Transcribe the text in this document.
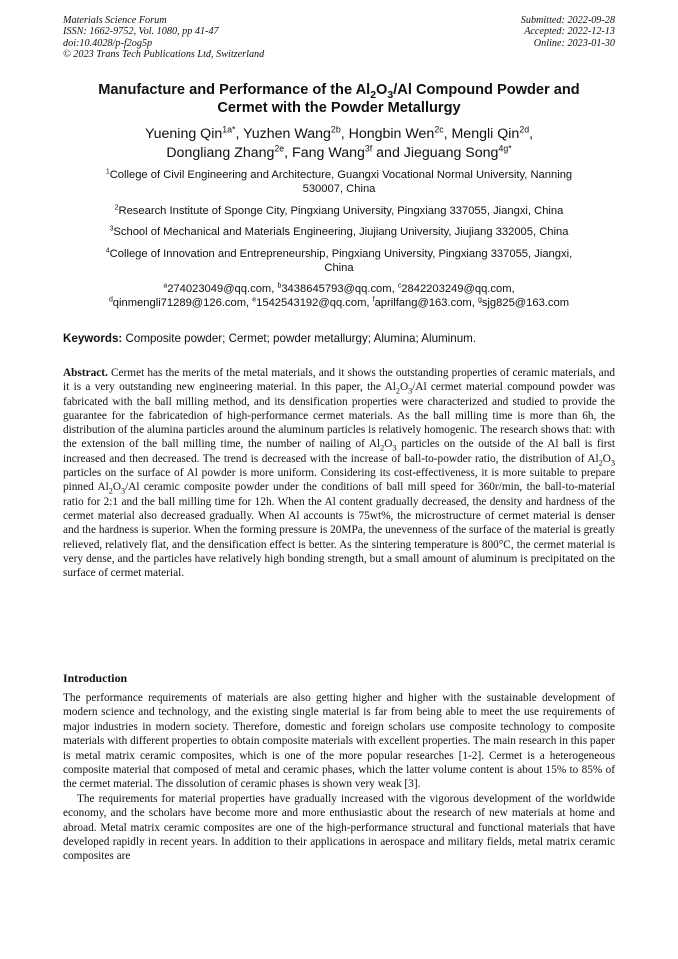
Materials Science Forum
ISSN: 1662-9752, Vol. 1080, pp 41-47
doi:10.4028/p-f2og5p
© 2023 Trans Tech Publications Ltd, Switzerland
Submitted: 2022-09-28
Accepted: 2022-12-13
Online: 2023-01-30
Manufacture and Performance of the $Al_2O_3/Al$ Compound Powder and
Cermet with the Powder Metallurgy
Yuening Qin$^{1a*}$, Yuzhen Wang$^{2b}$, Hongbin Wen$^{2c}$, Mengli Qin$^{2d}$,
Dongliang Zhang$^{2e}$, Fang Wang$^{3f}$ and Jieguang Song$^{4g*}$
$^1$College of Civil Engineering and Architecture, Guangxi Vocational Normal University, Nanning
530007, China
$^2$Research Institute of Sponge City, Pingxiang University, Pingxiang 337055, Jiangxi, China
$^3$School of Mechanical and Materials Engineering, Jiujiang University, Jiujiang 332005, China
$^4$College of Innovation and Entrepreneurship, Pingxiang University, Pingxiang 337055, Jiangxi,
China
$^a$274023049@qq.com, $^b$3438645793@qq.com, $^c$2842203249@qq.com,
$^d$qinmengli71289@126.com, $^e$1542543192@qq.com, $^f$aprilfang@163.com, $^g$sjg825@163.com
Keywords: Composite powder; Cermet; powder metallurgy; Alumina; Aluminum.
Abstract. Cermet has the merits of the metal materials, and it shows the outstanding properties of ceramic materials, and it is a very outstanding new engineering material. In this paper, the $Al_2O_3/Al$ cermet material compound powder was fabricated with the ball milling method, and its densification properties were characterized and studied to provide the guarantee for the fabricatedion of high-performance cermet materials. As the ball milling time is more than 6h, the distribution of the alumina particles around the aluminum particles is relatively homogenic. The research shows that: with the extension of the ball milling time, the number of nailing of $Al_2O_3$ particles on the outside of the Al ball is first increased and then decreased. The trend is decreased with the increase of ball-to-powder ratio, the distribution of $Al_2O_3$ particles on the surface of Al powder is more uniform. Considering its cost-effectiveness, it is more suitable to prepare pinned $Al_2O_3/Al$ ceramic composite powder under the conditions of ball mill speed for 360r/min, the ball-to-material ratio for 2:1 and the ball milling time for 12h. When the Al content gradually decreased, the density and hardness of the cermet material also decreased gradually. When Al accounts is 75wt%, the microstructure of cermet material is denser and the hardness is superior. When the forming pressure is 20MPa, the unevenness of the surface of the material is greatly relieved, relatively flat, and the densification effect is better. As the sintering temperature is 800°C, the cermet material is very dense, and the particles have relatively high bonding strength, but a small amount of aluminum is precipitated on the surface of cermet material.
Introduction

The performance requirements of materials are also getting higher and higher with the sustainable development of modern science and technology, and the existing single material is far from being able to meet the use requirements of major industries in modern society. Therefore, domestic and foreign scholars use composite technology to composite materials with different properties to obtain composite materials with excellent properties. The main research in this paper is metal matrix ceramic composites, which is one of the more popular researches [1-2]. Cermet is a heterogeneous composite material that composed of metal and ceramic phases, which the latter volume content is about 15% to 85% of the cermet material. The dissolution of ceramic phases is shown very weak [3].

The requirements for material properties have gradually increased with the vigorous development of the worldwide economy, and the scholars have become more and more enthusiastic about the research of new materials at home and abroad. Metal matrix ceramic composites are one of the high-performance structural and functional materials that have developed rapidly in recent years. In addition to their applications in aerospace and military fields, metal matrix ceramic composites are
